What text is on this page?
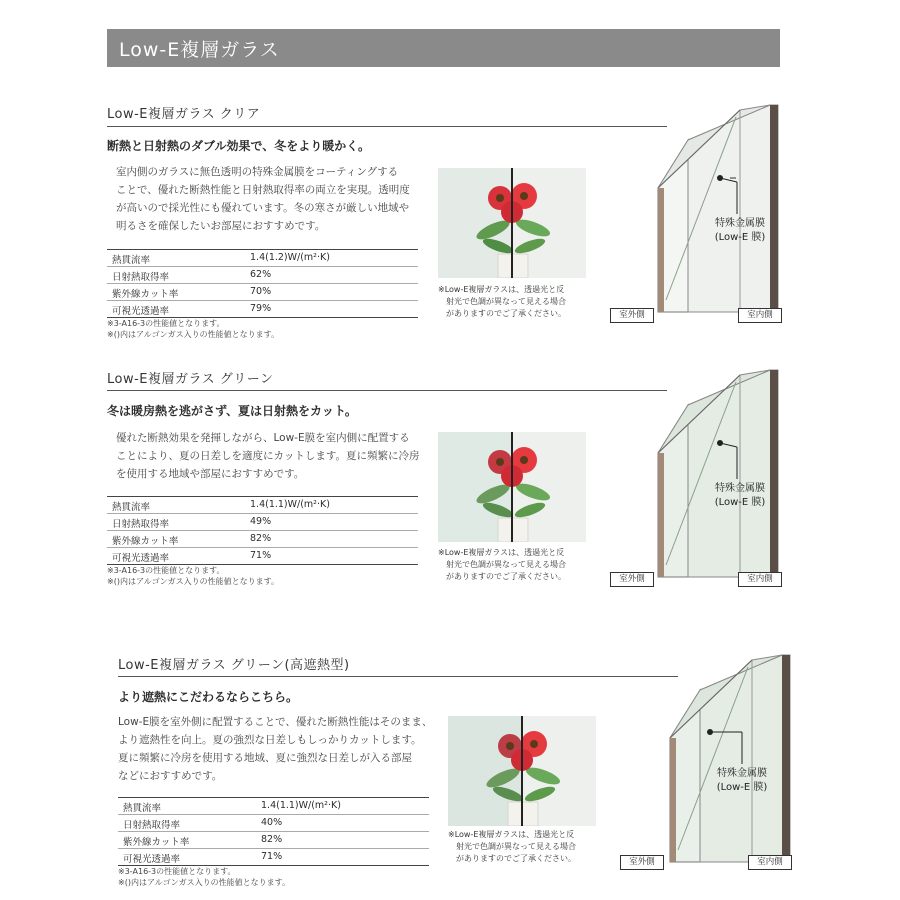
Low-E複層ガラス
Low-E複層ガラス クリア
断熱と日射熱のダブル効果で、冬をより暖かく。
室内側のガラスに無色透明の特殊金属膜をコーティングする
ことで、優れた断熱性能と日射熱取得率の両立を実現。透明度
が高いので採光性にも優れています。冬の寒さが厳しい地域や
明るさを確保したいお部屋におすすめです。
熱貫流率	1.4(1.2)W/(m²·K)
日射熱取得率	62%
紫外線カット率	70%
可視光透過率	79%
※3-A16-3の性能値となります。
※()内はアルゴンガス入りの性能値となります。
※Low-E複層ガラスは、透過光と反
射光で色調が異なって見える場合
がありますのでご了承ください。
特殊金属膜
(Low-E 膜)
室外側	室内側
Low-E複層ガラス グリーン
冬は暖房熱を逃がさず、夏は日射熱をカット。
優れた断熱効果を発揮しながら、Low-E膜を室内側に配置する
ことにより、夏の日差しを適度にカットします。夏に頻繁に冷房
を使用する地域や部屋におすすめです。
熱貫流率	1.4(1.1)W/(m²·K)
日射熱取得率	49%
紫外線カット率	82%
可視光透過率	71%
※3-A16-3の性能値となります。
※()内はアルゴンガス入りの性能値となります。
※Low-E複層ガラスは、透過光と反
射光で色調が異なって見える場合
がありますのでご了承ください。
特殊金属膜
(Low-E 膜)
室外側	室内側
Low-E複層ガラス グリーン(高遮熱型)
より遮熱にこだわるならこちら。
Low-E膜を室外側に配置することで、優れた断熱性能はそのまま、
より遮熱性を向上。夏の強烈な日差しもしっかりカットします。
夏に頻繁に冷房を使用する地域、夏に強烈な日差しが入る部屋
などにおすすめです。
熱貫流率	1.4(1.1)W/(m²·K)
日射熱取得率	40%
紫外線カット率	82%
可視光透過率	71%
※3-A16-3の性能値となります。
※()内はアルゴンガス入りの性能値となります。
※Low-E複層ガラスは、透過光と反
射光で色調が異なって見える場合
がありますのでご了承ください。
特殊金属膜
(Low-E 膜)
室外側	室内側
